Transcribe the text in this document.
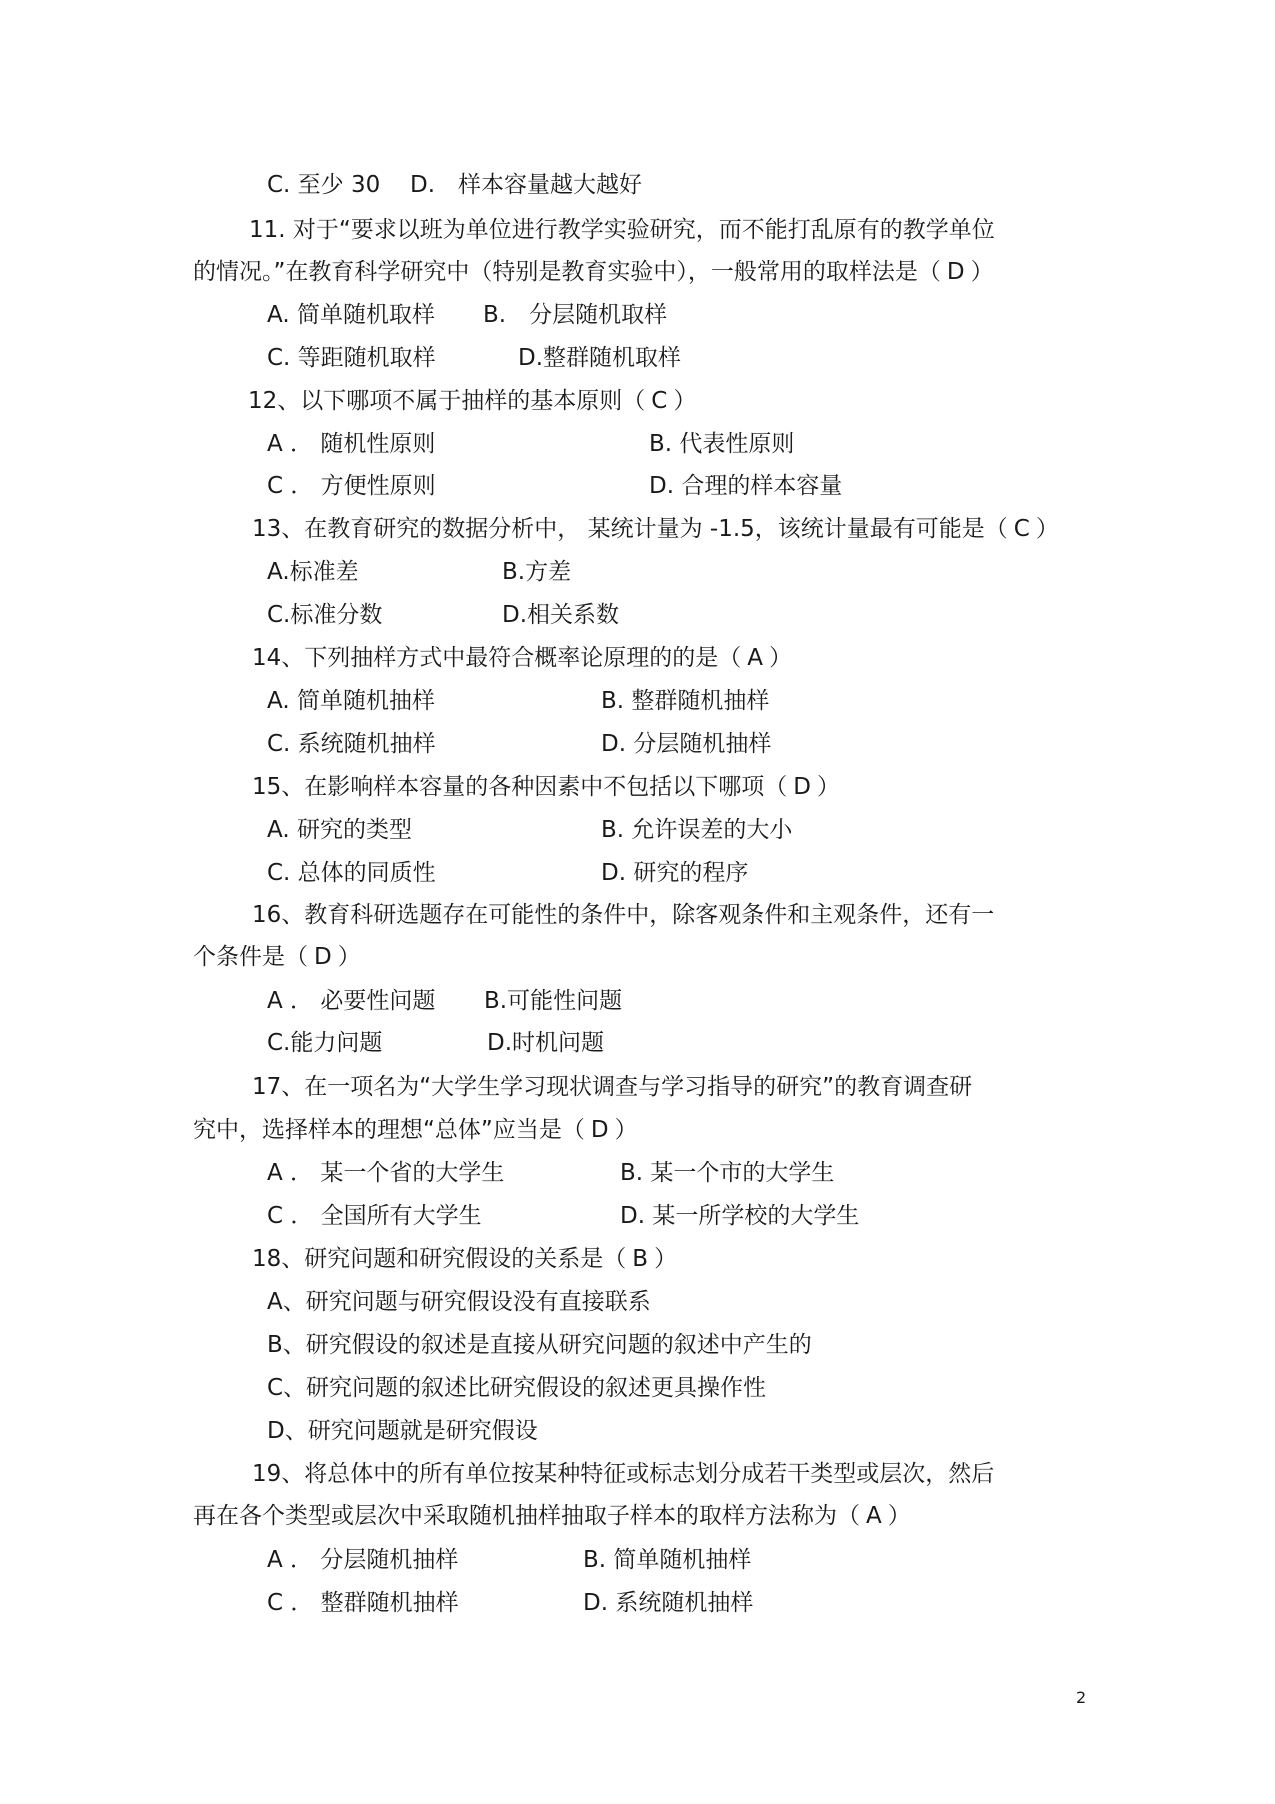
C. 至少 30 D.　样本容量越大越好
11. 对于“要求以班为单位进行教学实验研究，而不能打乱原有的教学单位
的情况。”在教育科学研究中（特别是教育实验中），一般常用的取样法是（ D ）
A. 简单随机取样 B.　分层随机取样
C. 等距随机取样	D.整群随机取样
12、以下哪项不属于抽样的基本原则（ C ）
A ． 随机性原则	B. 代表性原则
C ． 方便性原则	D. 合理的样本容量
13、在教育研究的数据分析中， 某统计量为 -1.5，该统计量最有可能是（ C ）
A.标准差	B.方差
C.标准分数	D.相关系数
14、下列抽样方式中最符合概率论原理的的是（ A ）
A. 简单随机抽样	B. 整群随机抽样
C. 系统随机抽样	D. 分层随机抽样
15、在影响样本容量的各种因素中不包括以下哪项（ D ）
A. 研究的类型	B. 允许误差的大小
C. 总体的同质性	D. 研究的程序
16、教育科研选题存在可能性的条件中，除客观条件和主观条件，还有一
个条件是（ D ）
A ． 必要性问题 B.可能性问题
C.能力问题	D.时机问题
17、在一项名为“大学生学习现状调查与学习指导的研究”的教育调查研
究中，选择样本的理想“总体”应当是（ D ）
A ． 某一个省的大学生	B. 某一个市的大学生
C ． 全国所有大学生	D. 某一所学校的大学生
18、研究问题和研究假设的关系是（ B ）
A、研究问题与研究假设没有直接联系
B、研究假设的叙述是直接从研究问题的叙述中产生的
C、研究问题的叙述比研究假设的叙述更具操作性
D、研究问题就是研究假设
19、将总体中的所有单位按某种特征或标志划分成若干类型或层次，然后
再在各个类型或层次中采取随机抽样抽取子样本的取样方法称为（ A ）
A ． 分层随机抽样	B. 简单随机抽样
C ． 整群随机抽样	D. 系统随机抽样
2
